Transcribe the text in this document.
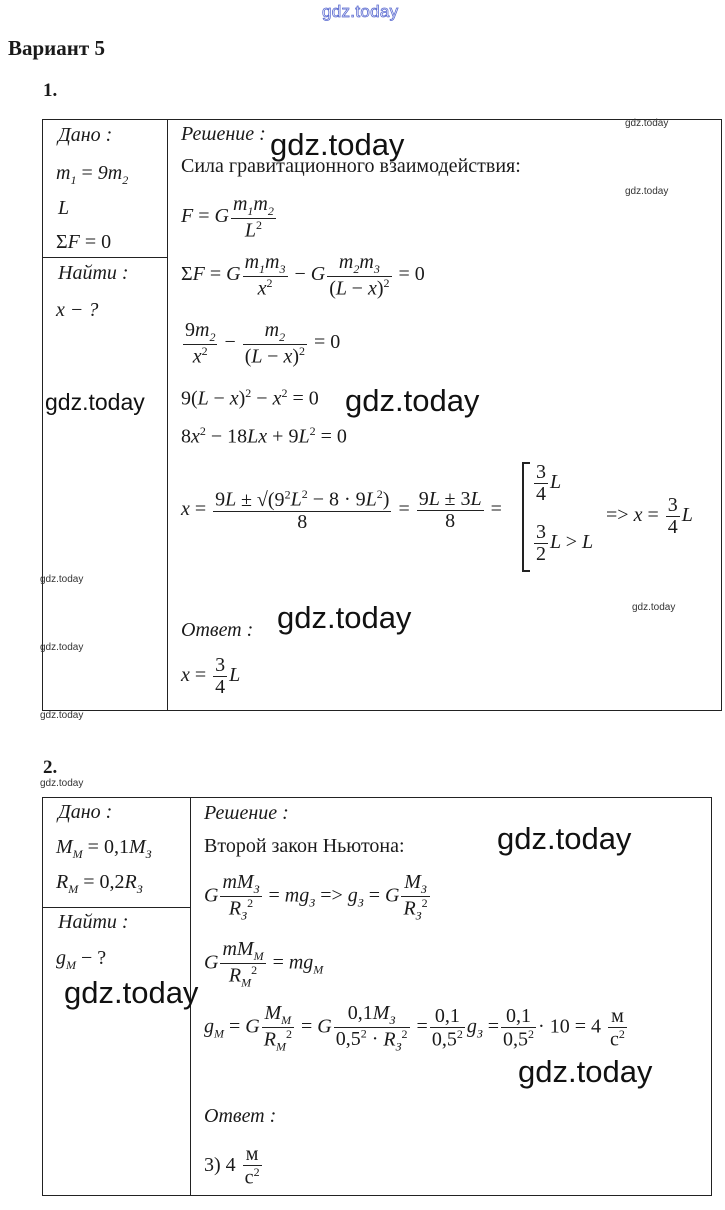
gdz.today
Вариант 5
1.
Дано :
$m_1 = 9m_2$
L
ΣF = 0
Найти :
x − ?
Решение :
Сила гравитационного взаимодействия:
F = G $\frac{m_1m_2}{L^2}$
ΣF = G $\frac{m_1m_3}{x^2} - G \frac{m_2m_3}{(L - x)^2} = 0$
$\frac{9m_2}{x^2} - \frac{m_2}{(L - x)^2} = 0$
$9(L - x)^2 - x^2 = 0$
$8x^2 - 18Lx + 9L^2 = 0$
$x = \frac{9L \pm √(9^2L^2 - 8 \cdot 9L^2)}{8} = \frac{9L \pm 3L}{8}$ =
$\frac{3}{4}$ L
$\frac{3}{2}$ L > L
=> $x = \frac{3}{4}$ L
Ответ :
$x = \frac{3}{4}$ L
2.
Дано :
$M_M = 0,1M_З$
$R_M = 0,2R_З$
Найти :
$g_M$ − ?
Решение :
Второй закон Ньютона:
G $\frac{mM_З}{R_З^2} = mg_З => g_З = G \frac{M_З}{R_З^2}$
G $\frac{mM_M}{R_M^2} = mg_M$
$g_M = G \frac{M_M}{R_M^2} = G \frac{0,1M_З}{0,5^2 \cdot R_З^2} = \frac{0,1}{0,5^2} g_З = \frac{0,1}{0,5^2} \cdot 10 = 4 \frac{м}{с^2}$
Ответ :
3) $4 \frac{м}{с^2}$
gdz.today
gdz.today	gdz.today
gdz.today
gdz.today
gdz.today
gdz.today
gdz.today
gdz.today
gdz.today
gdz.today
gdz.today
gdz.today
gdz.today
